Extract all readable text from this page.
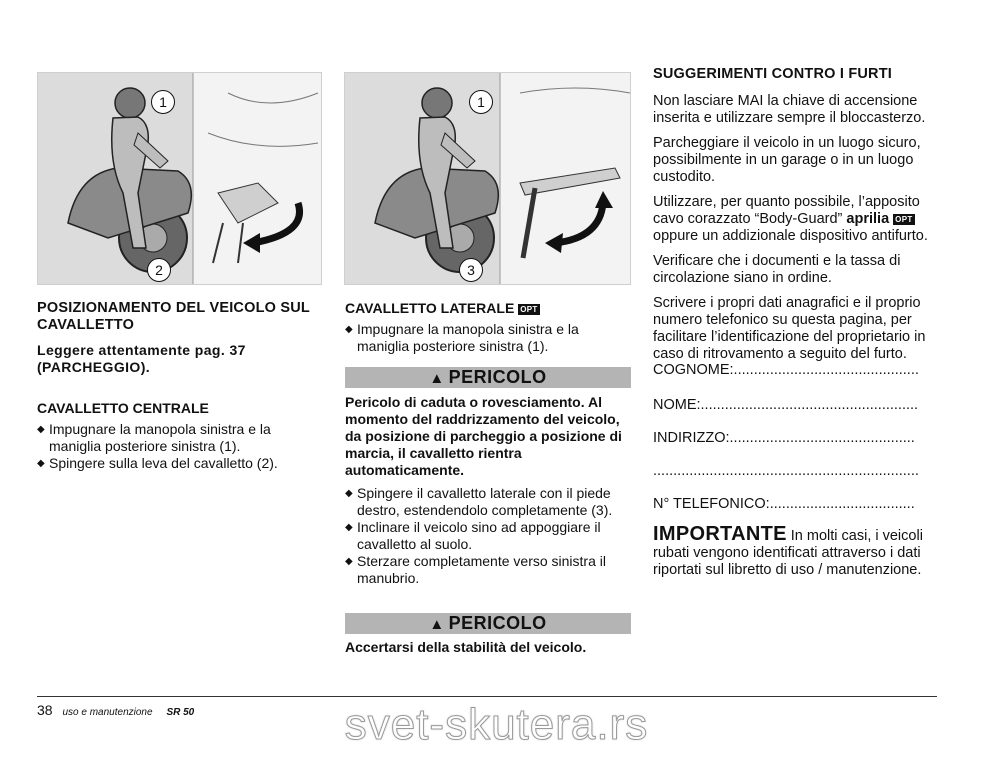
1
2
1
3
POSIZIONAMENTO DEL VEICOLO SUL CAVALLETTO
Leggere attentamente pag. 37 (PARCHEGGIO).
CAVALLETTO CENTRALE
◆ Impugnare la manopola sinistra e la maniglia posteriore sinistra (1).
◆ Spingere sulla leva del cavalletto (2).
CAVALLETTO LATERALE OPT
◆ Impugnare la manopola sinistra e la maniglia posteriore sinistra (1).
▲ PERICOLO
Pericolo di caduta o rovesciamento. Al momento del raddrizzamento del veicolo, da posizione di parcheggio a posizione di marcia, il cavalletto rientra automaticamente.
◆ Spingere il cavalletto laterale con il piede destro, estendendolo completamente (3).
◆ Inclinare il veicolo sino ad appoggiare il cavalletto al suolo.
◆ Sterzare completamente verso sinistra il manubrio.
▲ PERICOLO
Accertarsi della stabilità del veicolo.
SUGGERIMENTI CONTRO I FURTI

Non lasciare MAI la chiave di accensione inserita e utilizzare sempre il bloccasterzo.

Parcheggiare il veicolo in un luogo sicuro, possibilmente in un garage o in un luogo custodito.

Utilizzare, per quanto possibile, l’apposito cavo corazzato “Body-Guard” aprilia OPT oppure un addizionale dispositivo antifurto.

Verificare che i documenti e la tassa di circolazione siano in ordine.

Scrivere i propri dati anagrafici e il proprio numero telefonico su questa pagina, per facilitare l’identificazione del proprietario in caso di ritrovamento a seguito del furto.

COGNOME:..............................................
NOME:......................................................
INDIRIZZO:..............................................
..................................................................
N° TELEFONICO:....................................
IMPORTANTE In molti casi, i veicoli rubati vengono identificati attraverso i dati riportati sul libretto di uso / manutenzione.
38 uso e manutenzione SR 50	svet-skutera.rs
